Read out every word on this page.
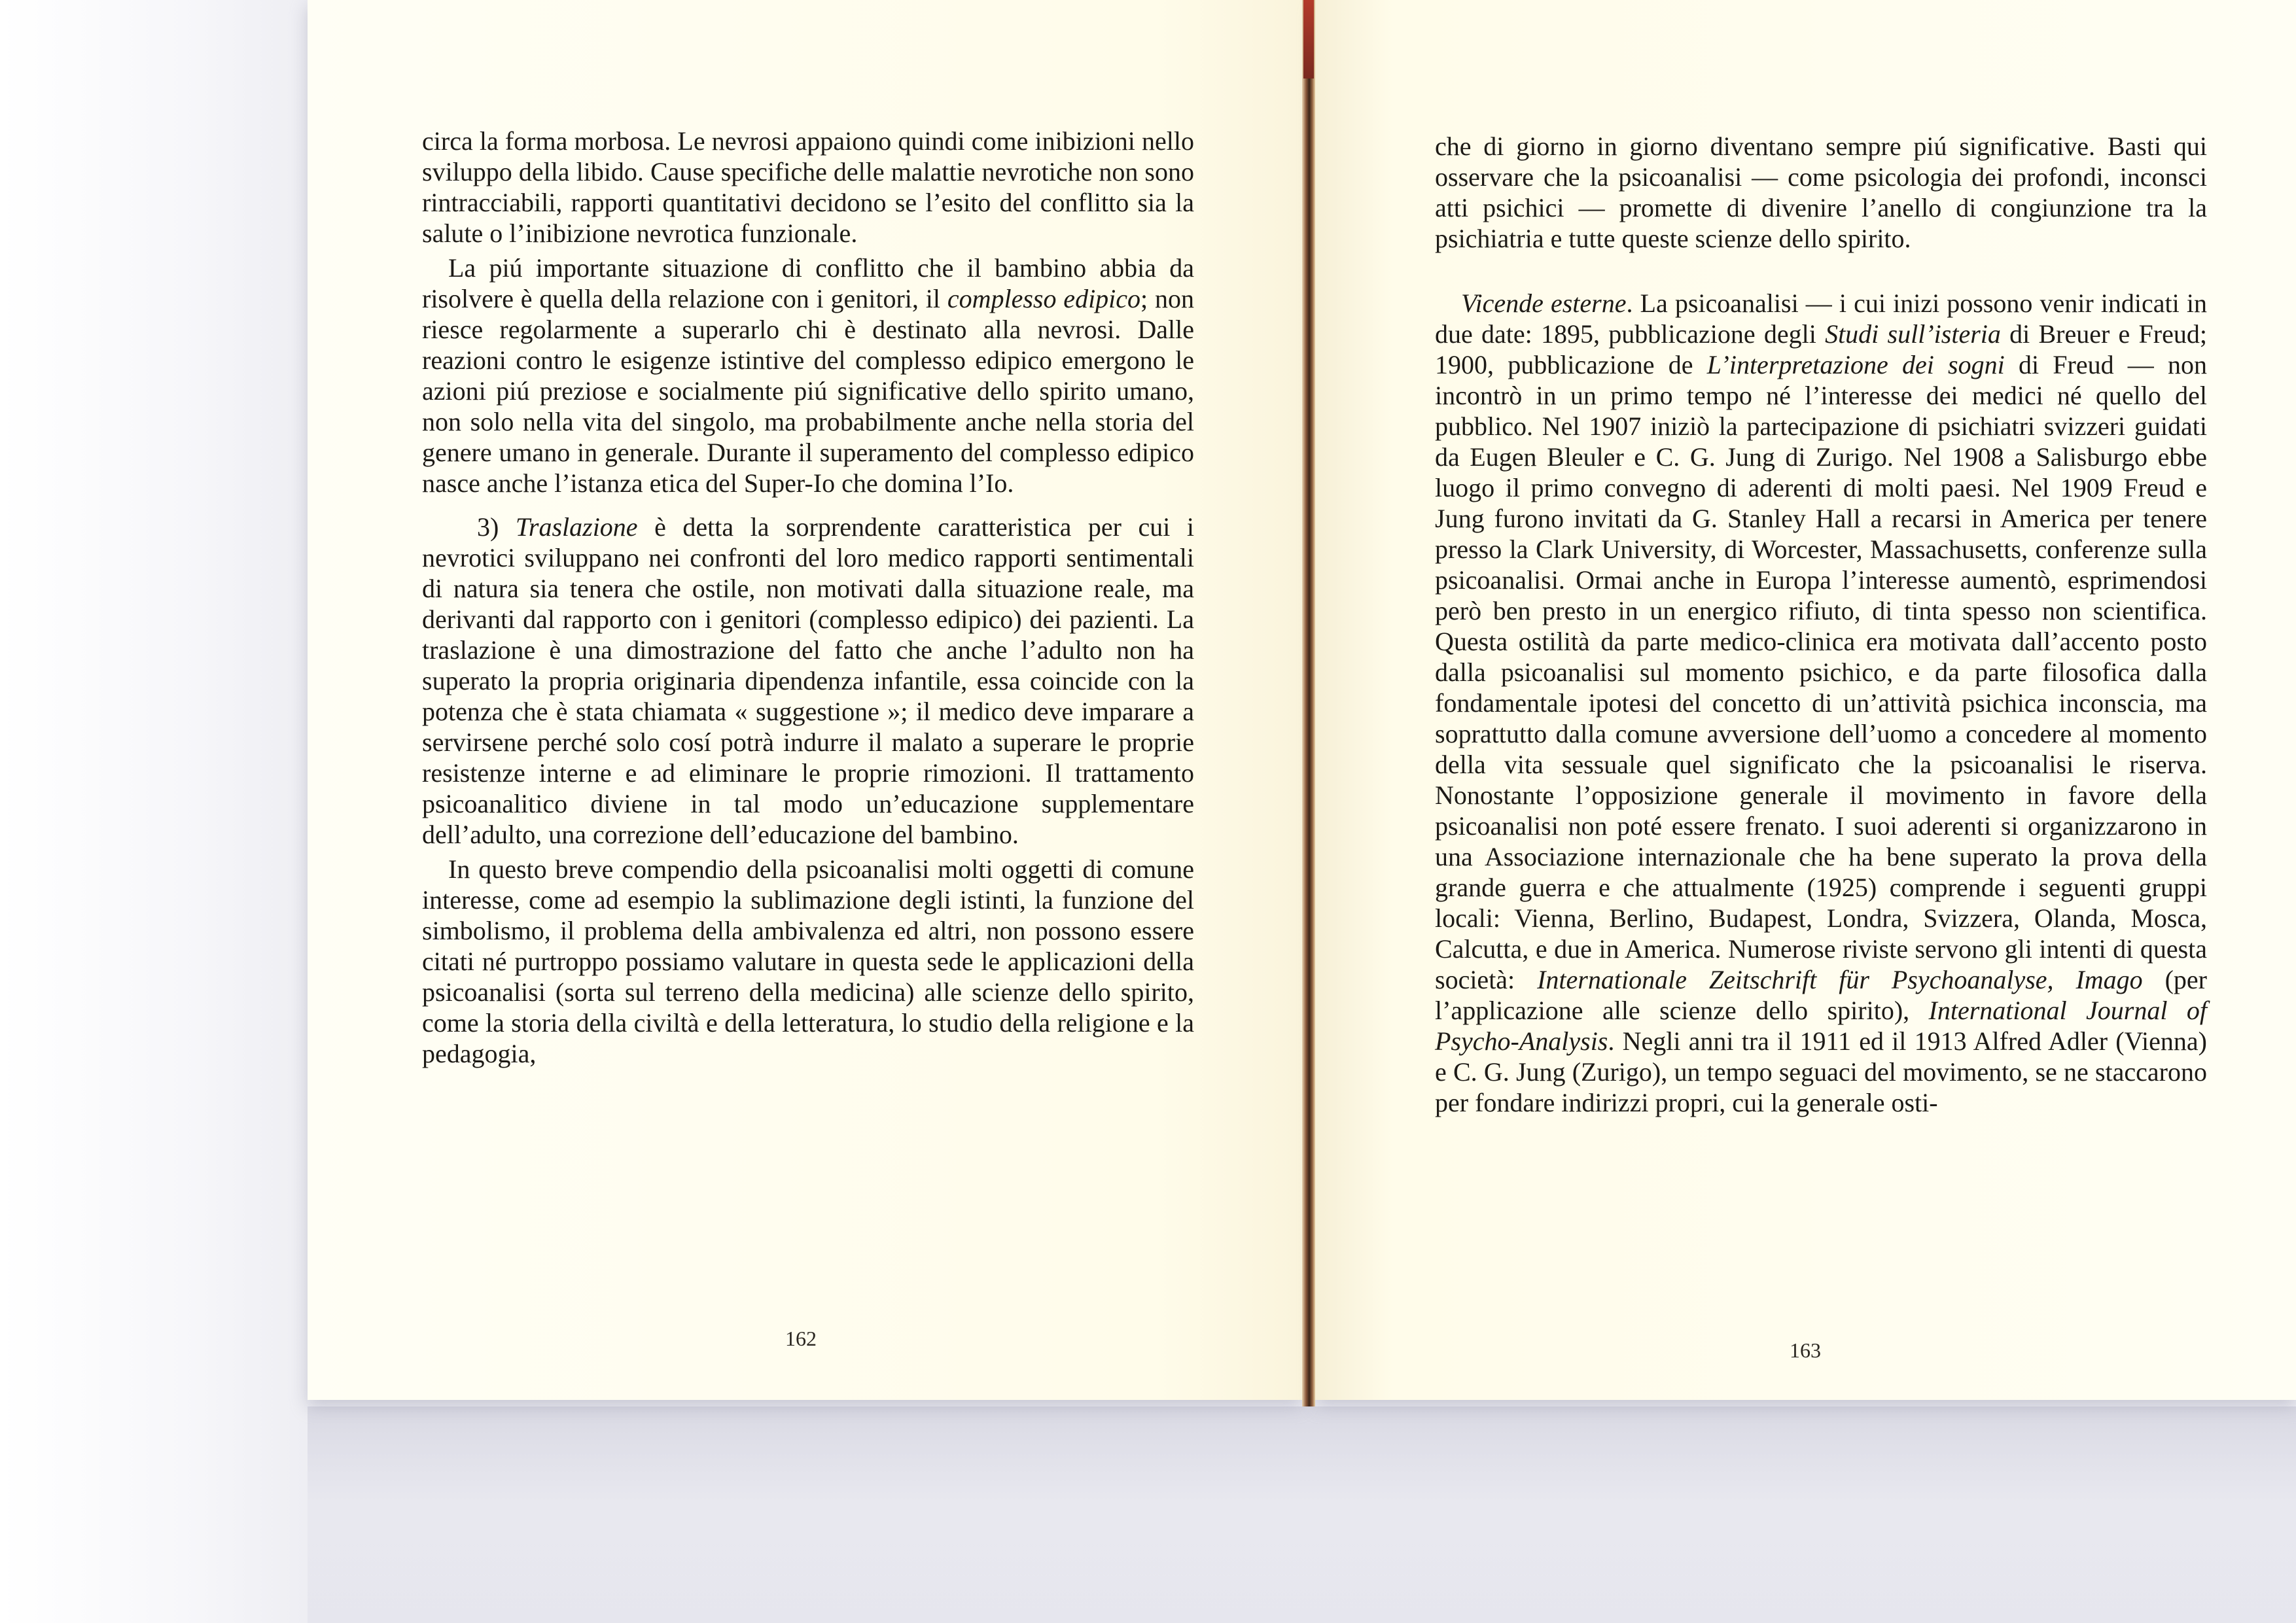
circa la forma morbosa. Le nevrosi appaiono quindi come inibizioni nello sviluppo della libido. Cause specifiche delle malattie nevrotiche non sono rintracciabili, rapporti quantitativi decidono se l’esito del conflitto sia la salute o l’inibizione nevrotica funzionale.

La piú importante situazione di conflitto che il bambino abbia da risolvere è quella della relazione con i genitori, il complesso edipico; non riesce regolarmente a superarlo chi è destinato alla nevrosi. Dalle reazioni contro le esigenze istintive del complesso edipico emergono le azioni piú preziose e socialmente piú significative dello spirito umano, non solo nella vita del singolo, ma probabilmente anche nella storia del genere umano in generale. Durante il superamento del complesso edipico nasce anche l’istanza etica del Super-Io che domina l’Io.

3) Traslazione è detta la sorprendente caratteristica per cui i nevrotici sviluppano nei confronti del loro medico rapporti sentimentali di natura sia tenera che ostile, non motivati dalla situazione reale, ma derivanti dal rapporto con i genitori (complesso edipico) dei pazienti. La traslazione è una dimostrazione del fatto che anche l’adulto non ha superato la propria originaria dipendenza infantile, essa coincide con la potenza che è stata chiamata « suggestione »; il medico deve imparare a servirsene perché solo cosí potrà indurre il malato a superare le proprie resistenze interne e ad eliminare le proprie rimozioni. Il trattamento psicoanalitico diviene in tal modo un’educazione supplementare dell’adulto, una correzione dell’educazione del bambino.

In questo breve compendio della psicoanalisi molti oggetti di comune interesse, come ad esempio la sublimazione degli istinti, la funzione del simbolismo, il problema della ambivalenza ed altri, non possono essere citati né purtroppo possiamo valutare in questa sede le applicazioni della psicoanalisi (sorta sul terreno della medicina) alle scienze dello spirito, come la storia della civiltà e della letteratura, lo studio della religione e la pedagogia,

162

che di giorno in giorno diventano sempre piú significative. Basti qui osservare che la psicoanalisi — come psicologia dei profondi, inconsci atti psichici — promette di divenire l’anello di congiunzione tra la psichiatria e tutte queste scienze dello spirito.

Vicende esterne. La psicoanalisi — i cui inizi possono venir indicati in due date: 1895, pubblicazione degli Studi sull’isteria di Breuer e Freud; 1900, pubblicazione de L’interpretazione dei sogni di Freud — non incontrò in un primo tempo né l’interesse dei medici né quello del pubblico. Nel 1907 iniziò la partecipazione di psichiatri svizzeri guidati da Eugen Bleuler e C. G. Jung di Zurigo. Nel 1908 a Salisburgo ebbe luogo il primo convegno di aderenti di molti paesi. Nel 1909 Freud e Jung furono invitati da G. Stanley Hall a recarsi in America per tenere presso la Clark University, di Worcester, Massachusetts, conferenze sulla psicoanalisi. Ormai anche in Europa l’interesse aumentò, esprimendosi però ben presto in un energico rifiuto, di tinta spesso non scientifica. Questa ostilità da parte medico-clinica era motivata dall’accento posto dalla psicoanalisi sul momento psichico, e da parte filosofica dalla fondamentale ipotesi del concetto di un’attività psichica inconscia, ma soprattutto dalla comune avversione dell’uomo a concedere al momento della vita sessuale quel significato che la psicoanalisi le riserva. Nonostante l’opposizione generale il movimento in favore della psicoanalisi non poté essere frenato. I suoi aderenti si organizzarono in una Associazione internazionale che ha bene superato la prova della grande guerra e che attualmente (1925) comprende i seguenti gruppi locali: Vienna, Berlino, Budapest, Londra, Svizzera, Olanda, Mosca, Calcutta, e due in America. Numerose riviste servono gli intenti di questa società: Internationale Zeitschrift für Psychoanalyse, Imago (per l’applicazione alle scienze dello spirito), International Journal of Psycho-Analysis. Negli anni tra il 1911 ed il 1913 Alfred Adler (Vienna) e C. G. Jung (Zurigo), un tempo seguaci del movimento, se ne staccarono per fondare indirizzi propri, cui la generale osti-

163
